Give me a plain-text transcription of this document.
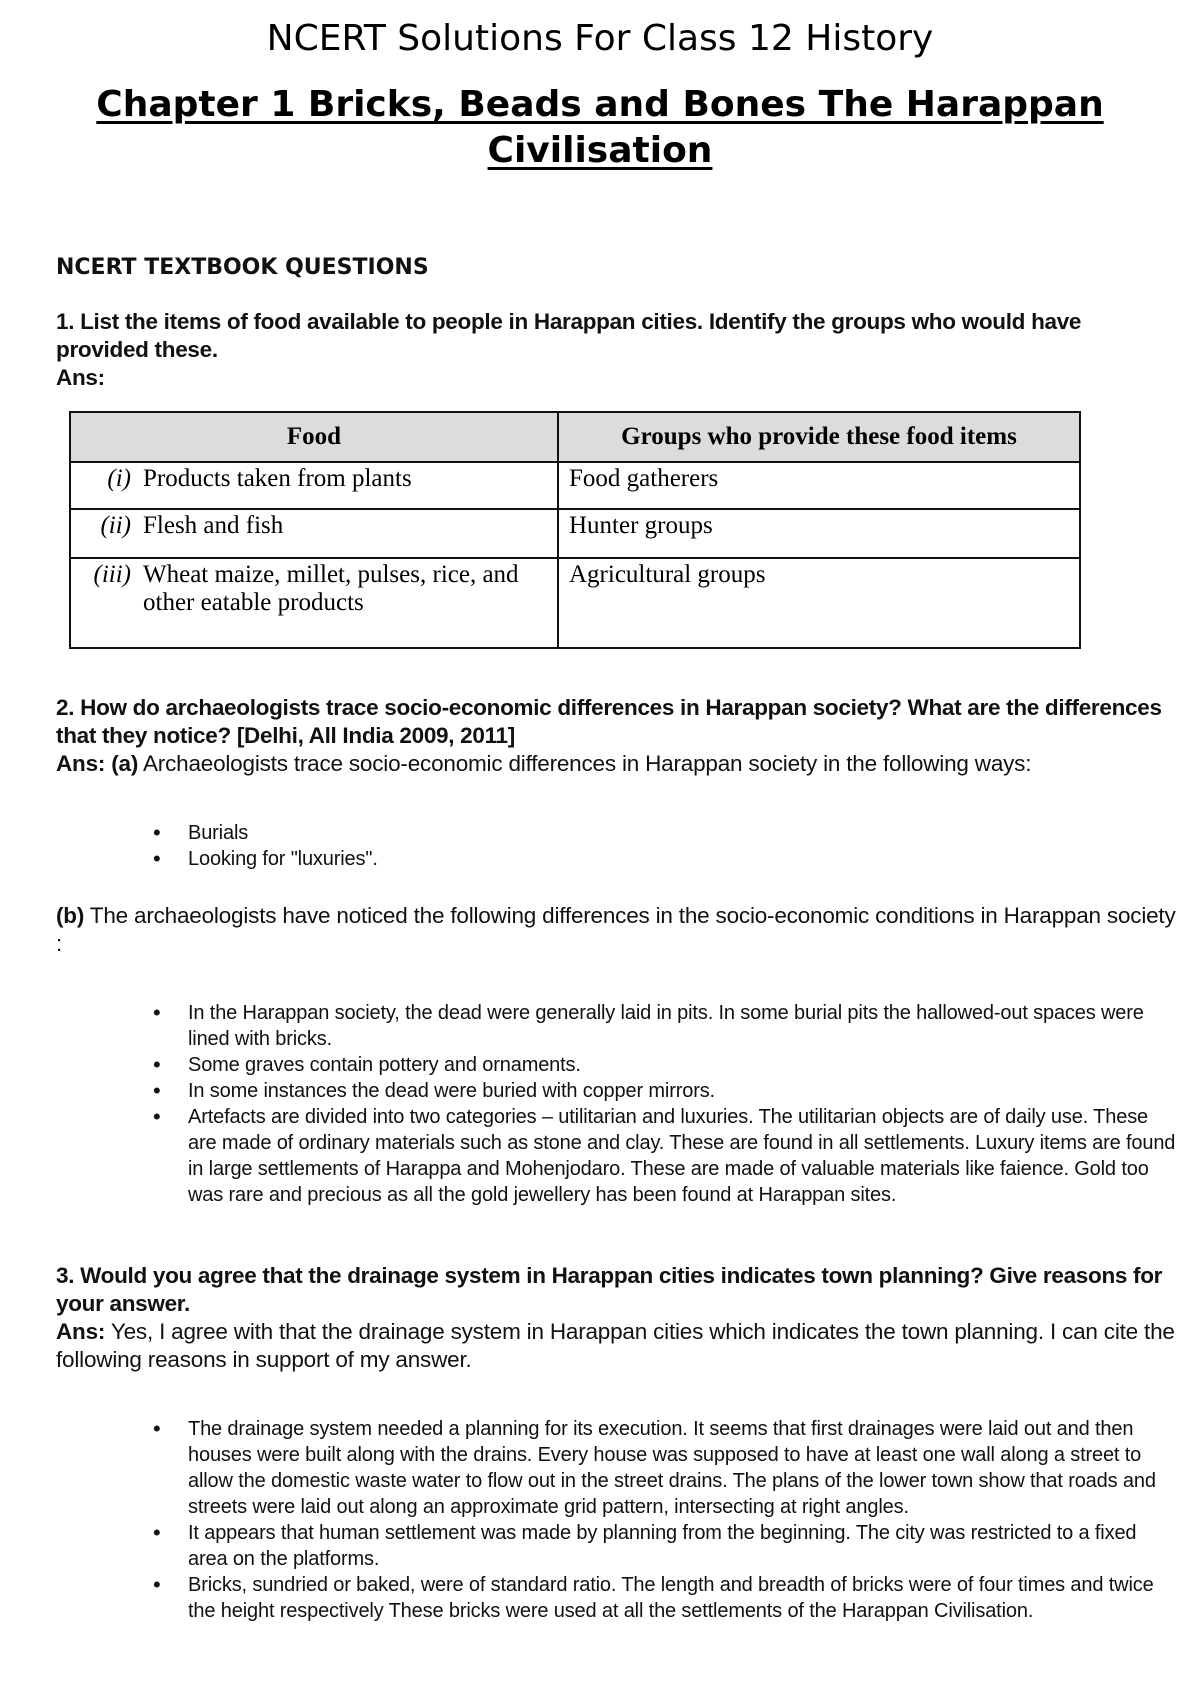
NCERT Solutions For Class 12 History
Chapter 1 Bricks, Beads and Bones The Harappan Civilisation
NCERT TEXTBOOK QUESTIONS
1. List the items of food available to people in Harappan cities. Identify the groups who would have provided these.
Ans:
Food	Groups who provide these food items
(i) Products taken from plants	Food gatherers
(ii) Flesh and fish	Hunter groups
(iii) Wheat maize, millet, pulses, rice, and other eatable products	Agricultural groups
2. How do archaeologists trace socio-economic differences in Harappan society? What are the differences that they notice? [Delhi, All India 2009, 2011]
Ans: (a) Archaeologists trace socio-economic differences in Harappan society in the following ways:
• Burials
• Looking for "luxuries".
(b) The archaeologists have noticed the following differences in the socio-economic conditions in Harappan society :
• In the Harappan society, the dead were generally laid in pits. In some burial pits the hallowed-out spaces were lined with bricks.
• Some graves contain pottery and ornaments.
• In some instances the dead were buried with copper mirrors.
• Artefacts are divided into two categories – utilitarian and luxuries. The utilitarian objects are of daily use. These are made of ordinary materials such as stone and clay. These are found in all settlements. Luxury items are found in large settlements of Harappa and Mohenjodaro. These are made of valuable materials like faience. Gold too was rare and precious as all the gold jewellery has been found at Harappan sites.
3. Would you agree that the drainage system in Harappan cities indicates town planning? Give reasons for your answer.
Ans: Yes, I agree with that the drainage system in Harappan cities which indicates the town planning. I can cite the following reasons in support of my answer.
• The drainage system needed a planning for its execution. It seems that first drainages were laid out and then houses were built along with the drains. Every house was supposed to have at least one wall along a street to allow the domestic waste water to flow out in the street drains. The plans of the lower town show that roads and streets were laid out along an approximate grid pattern, intersecting at right angles.
• It appears that human settlement was made by planning from the beginning. The city was restricted to a fixed area on the platforms.
• Bricks, sundried or baked, were of standard ratio. The length and breadth of bricks were of four times and twice the height respectively These bricks were used at all the settlements of the Harappan Civilisation.
